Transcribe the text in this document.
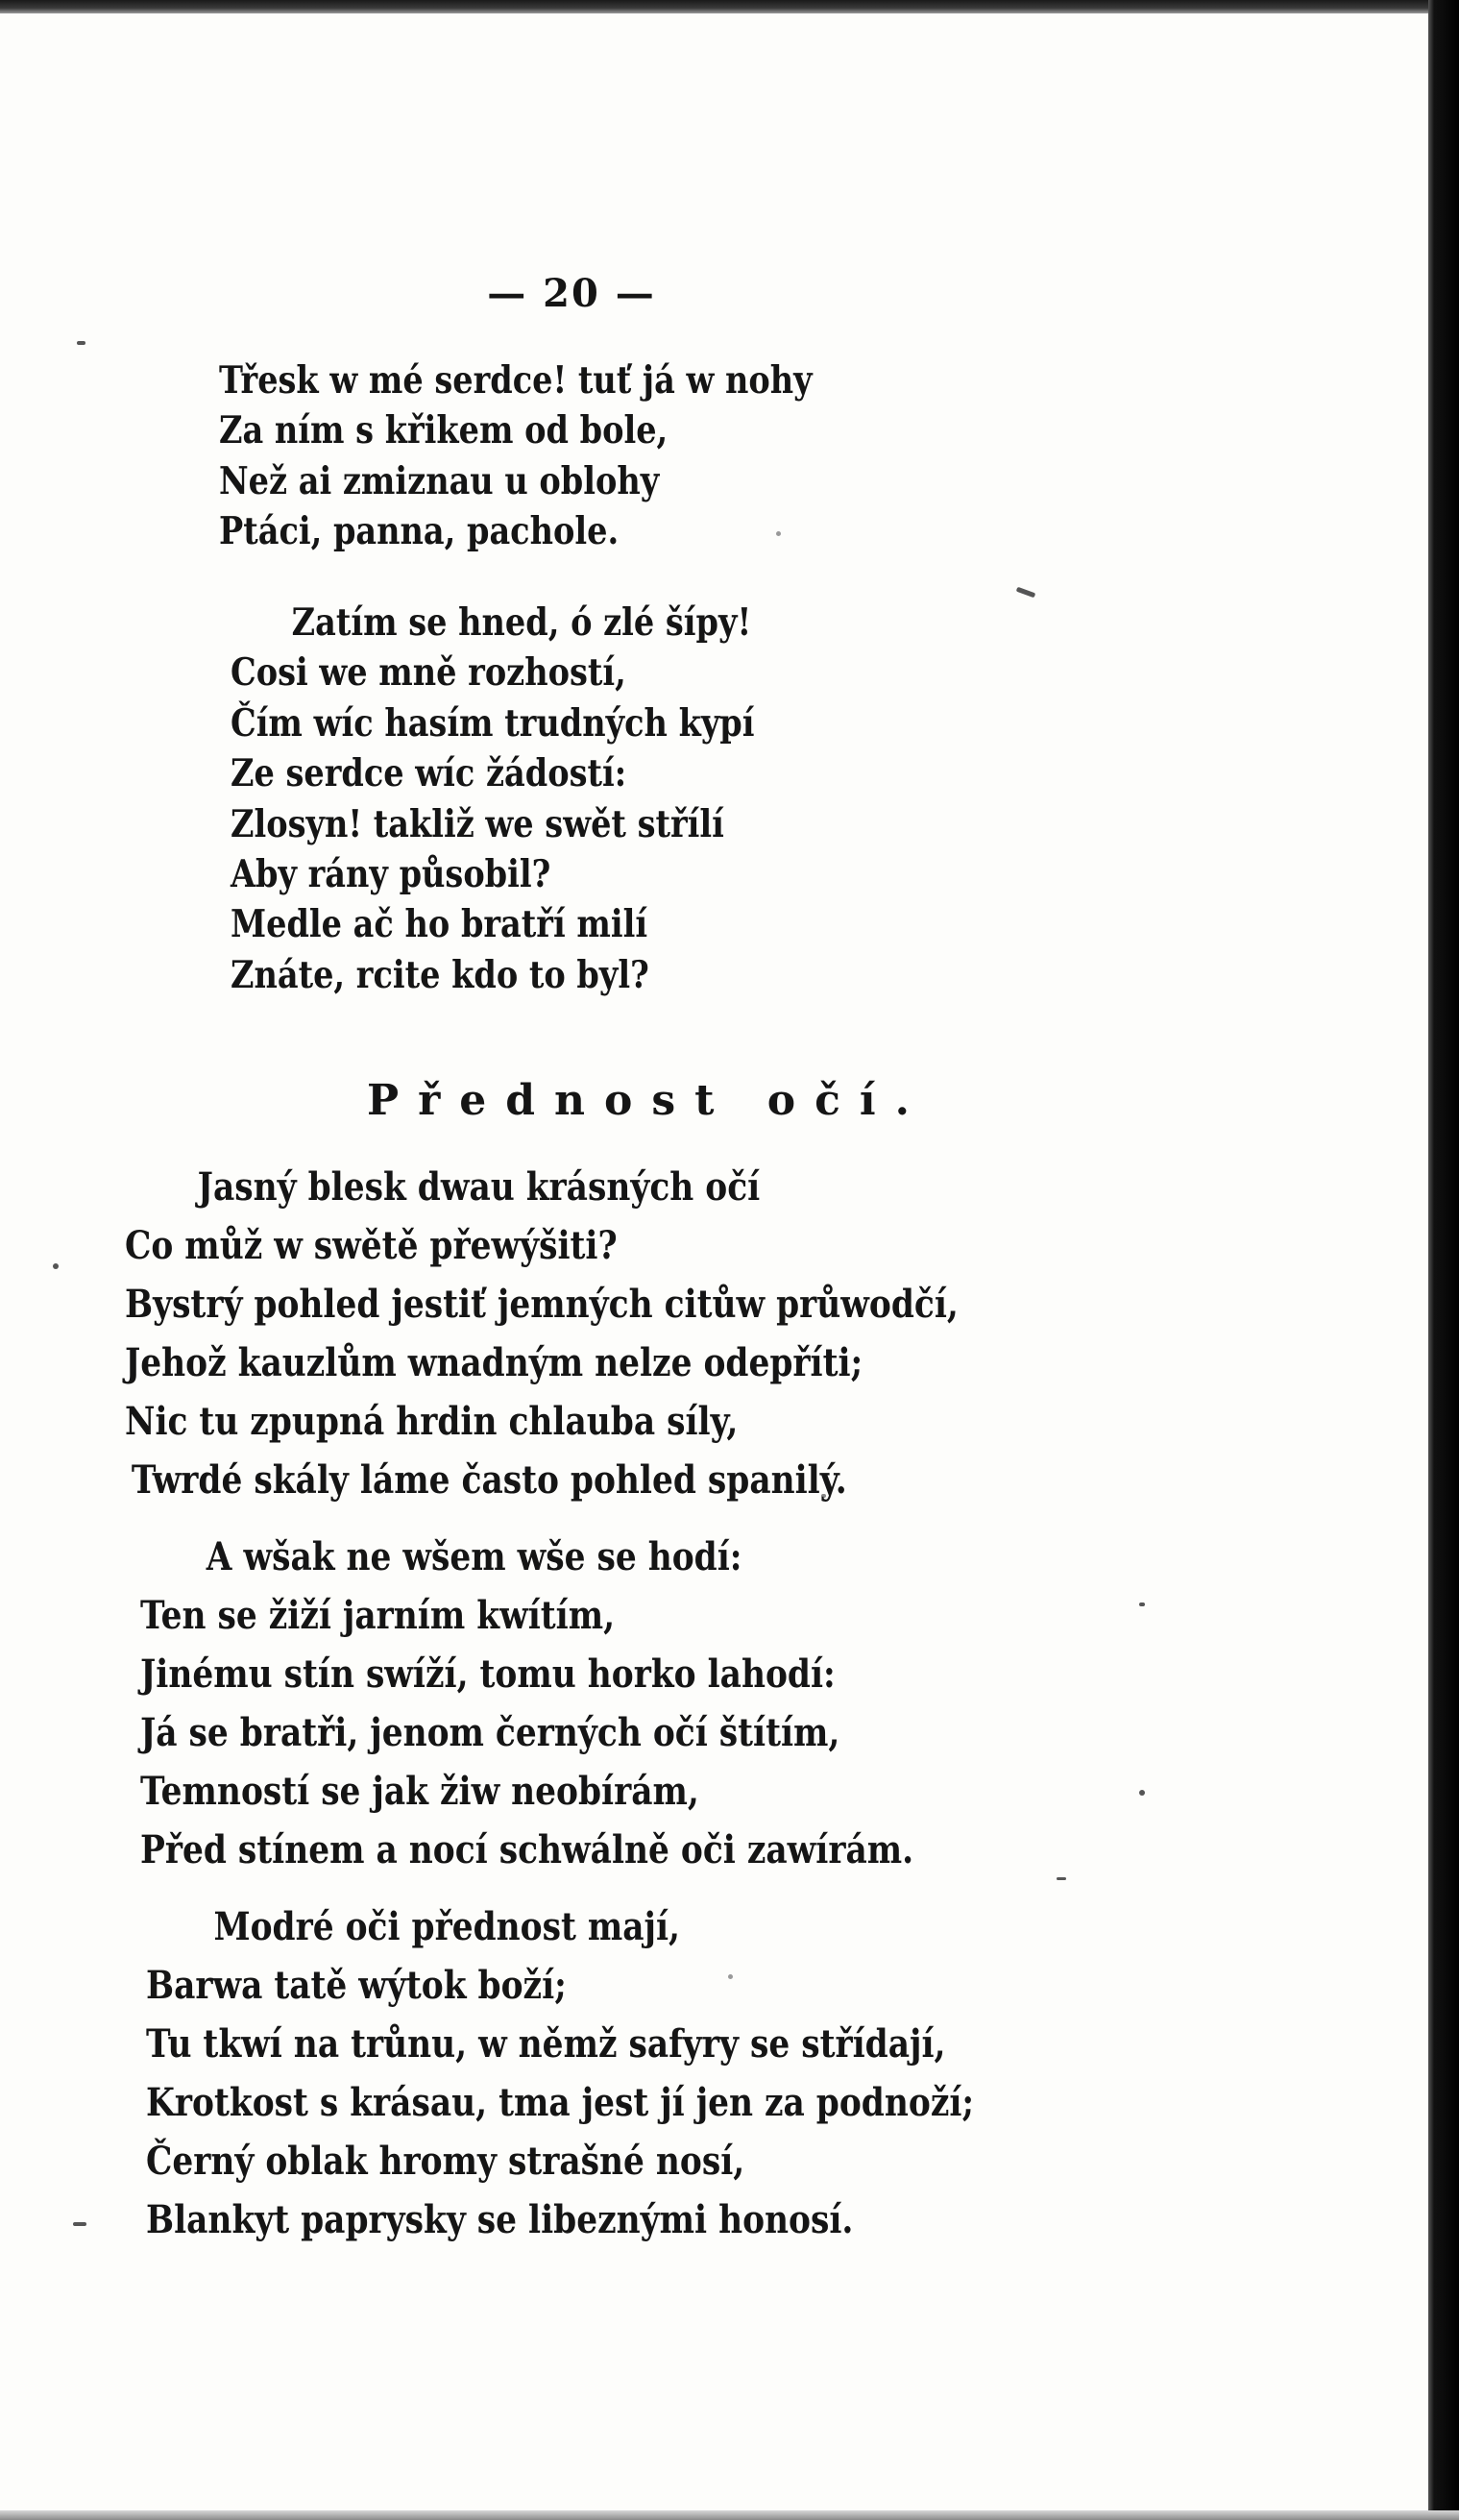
— 20 —
Třesk w mé serdce! tuť já w nohy
Za ním s křikem od bole,
Než ai zmiznau u oblohy
Ptáci, panna, pachole.
Zatím se hned, ó zlé šípy!
Cosi we mně rozhostí,
Čím wíc hasím trudných kypí
Ze serdce wíc žádostí:
Zlosyn! takliž we swět střílí
Aby rány působil?
Medle ač ho bratří milí
Znáte, rcite kdo to byl?
Přednost očí.
Jasný blesk dwau krásných očí
Co můž w swětě přewýšiti?
Bystrý pohled jestiť jemných citůw průwodčí,
Jehož kauzlům wnadným nelze odepříti;
Nic tu zpupná hrdin chlauba síly,
Twrdé skály láme často pohled spanilý.
A wšak ne wšem wše se hodí:
Ten se žiží jarním kwítím,
Jinému stín swíží, tomu horko lahodí:
Já se bratři, jenom černých očí štítím,
Temností se jak žiw neobírám,
Před stínem a nocí schwálně oči zawírám.
Modré oči přednost mají,
Barwa tatě wýtok boží;
Tu tkwí na trůnu, w němž safyry se střídají,
Krotkost s krásau, tma jest jí jen za podnoží;
Černý oblak hromy strašné nosí,
Blankyt paprysky se libeznými honosí.
